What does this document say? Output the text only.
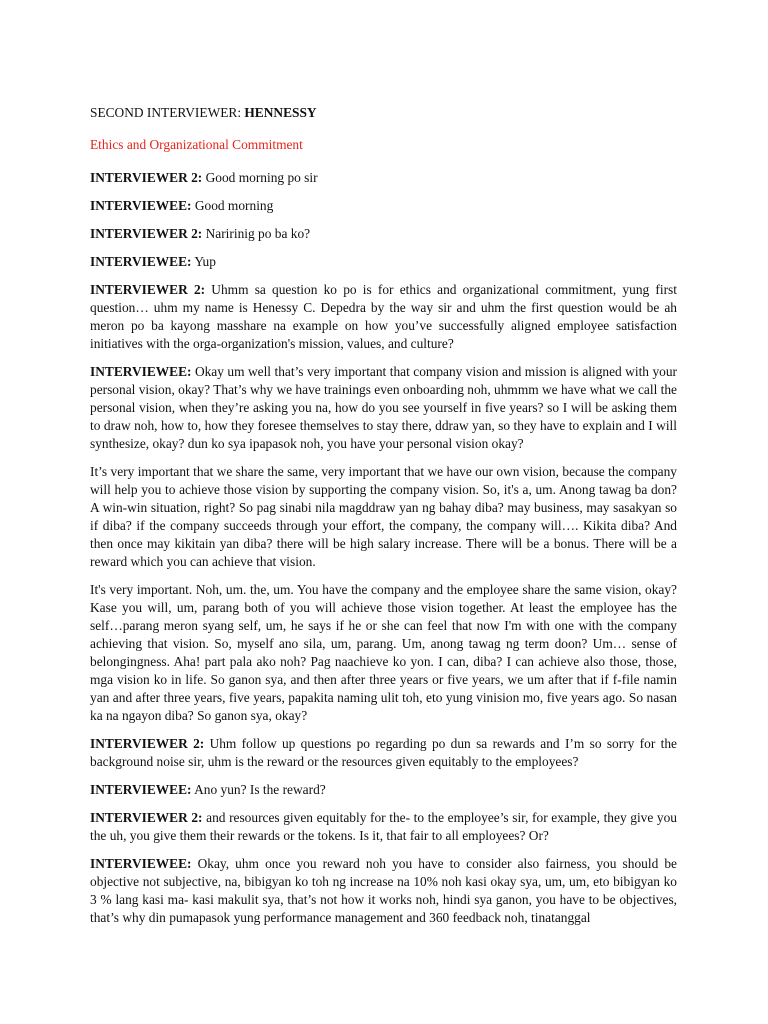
SECOND INTERVIEWER: HENNESSY

Ethics and Organizational Commitment

INTERVIEWER 2: Good morning po sir

INTERVIEWEE: Good morning

INTERVIEWER 2: Naririnig po ba ko?

INTERVIEWEE: Yup

INTERVIEWER 2: Uhmm sa question ko po is for ethics and organizational commitment, yung first question… uhm my name is Henessy C. Depedra by the way sir and uhm the first question would be ah meron po ba kayong masshare na example on how you’ve successfully aligned employee satisfaction initiatives with the orga-organization's mission, values, and culture?

INTERVIEWEE: Okay um well that’s very important that company vision and mission is aligned with your personal vision, okay? That’s why we have trainings even onboarding noh, uhmmm we have what we call the personal vision, when they’re asking you na, how do you see yourself in five years? so I will be asking them to draw noh, how to, how they foresee themselves to stay there, ddraw yan, so they have to explain and I will synthesize, okay? dun ko sya ipapasok noh, you have your personal vision okay?

It’s very important that we share the same, very important that we have our own vision, because the company will help you to achieve those vision by supporting the company vision. So, it's a, um. Anong tawag ba don? A win-win situation, right? So pag sinabi nila magddraw yan ng bahay diba? may business, may sasakyan so if diba? if the company succeeds through your effort, the company, the company will…. Kikita diba? And then once may kikitain yan diba? there will be high salary increase. There will be a bonus. There will be a reward which you can achieve that vision.

It's very important. Noh, um. the, um. You have the company and the employee share the same vision, okay? Kase you will, um, parang both of you will achieve those vision together. At least the employee has the self…parang meron syang self, um, he says if he or she can feel that now I'm with one with the company achieving that vision. So, myself ano sila, um, parang. Um, anong tawag ng term doon? Um… sense of belongingness. Aha! part pala ako noh? Pag naachieve ko yon. I can, diba? I can achieve also those, those, mga vision ko in life. So ganon sya, and then after three years or five years, we um after that if f-file namin yan and after three years, five years, papakita naming ulit toh, eto yung vinision mo, five years ago. So nasan ka na ngayon diba? So ganon sya, okay?

INTERVIEWER 2: Uhm follow up questions po regarding po dun sa rewards and I’m so sorry for the background noise sir, uhm is the reward or the resources given equitably to the employees?

INTERVIEWEE: Ano yun? Is the reward?

INTERVIEWER 2: and resources given equitably for the- to the employee’s sir, for example, they give you the uh, you give them their rewards or the tokens. Is it, that fair to all employees? Or?

INTERVIEWEE: Okay, uhm once you reward noh you have to consider also fairness, you should be objective not subjective, na, bibigyan ko toh ng increase na 10% noh kasi okay sya, um, um, eto bibigyan ko 3 % lang kasi ma- kasi makulit sya, that’s not how it works noh, hindi sya ganon, you have to be objectives, that’s why din pumapasok yung performance management and 360 feedback noh, tinatanggal
